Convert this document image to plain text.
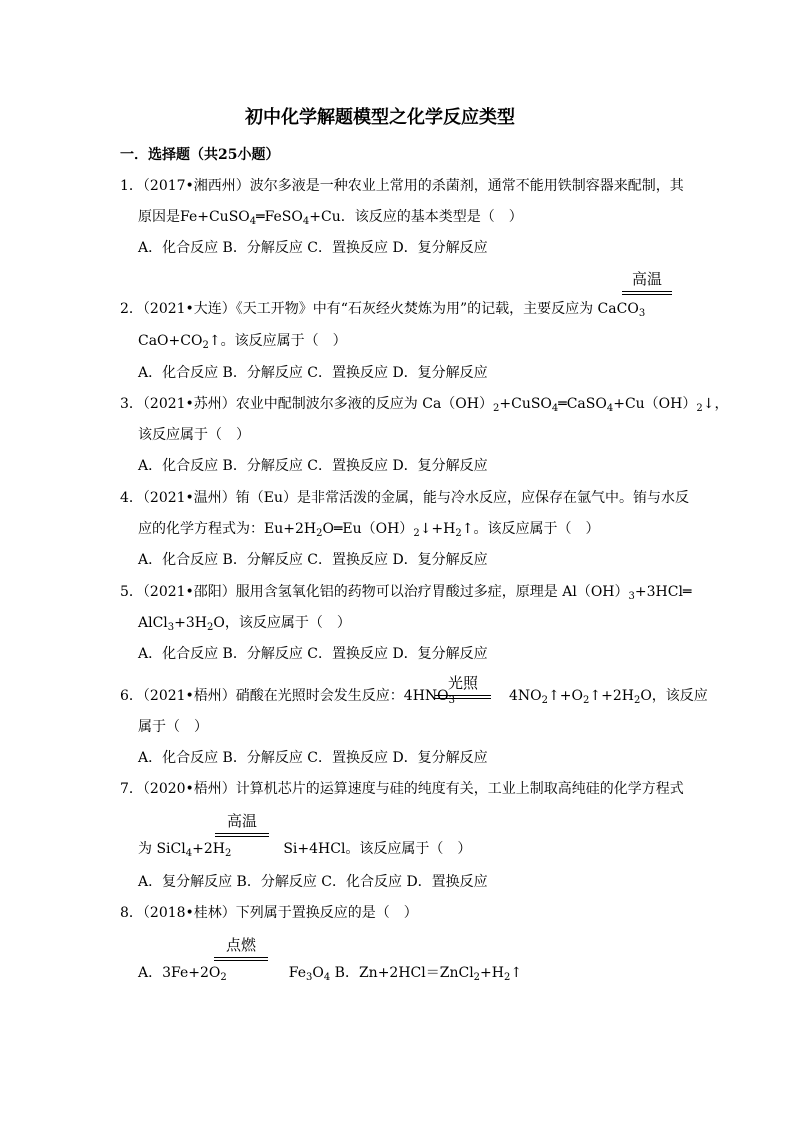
初中化学解题模型之化学反应类型
一．选择题（共25小题）
1．（2017•湘西州）波尔多液是一种农业上常用的杀菌剂，通常不能用铁制容器来配制，其
原因是Fe+CuSO$_4$═FeSO$_4$+Cu．该反应的基本类型是（　）
A．化合反应 B．分解反应 C．置换反应 D．复分解反应
高温
2．（2021•大连）《天工开物》中有“石灰经火焚炼为用”的记载，主要反应为 CaCO$_3$
$CaO+CO_2↑$。该反应属于（　）
A．化合反应 B．分解反应 C．置换反应 D．复分解反应
3．（2021•苏州）农业中配制波尔多液的反应为 $Ca(OH)_2+CuSO_4═CaSO_4+Cu(OH)_2↓$，
该反应属于（　）
A．化合反应 B．分解反应 C．置换反应 D．复分解反应
4．（2021•温州）铕（Eu）是非常活泼的金属，能与冷水反应，应保存在氩气中。铕与水反
应的化学方程式为：$Eu+2H_2O═Eu(OH)_2↓+H_2↑$。该反应属于（　）
A．化合反应 B．分解反应 C．置换反应 D．复分解反应
5．（2021•邵阳）服用含氢氧化铝的药物可以治疗胃酸过多症，原理是 $Al(OH)_3+3HCl═$
$AlCl_3+3H_2O$，该反应属于（　）
A．化合反应 B．分解反应 C．置换反应 D．复分解反应
光照
6．（2021•梧州）硝酸在光照时会发生反应：$4HNO_3$	$4NO_2↑+O_2↑+2H_2O$，该反应
属于（　）
A．化合反应 B．分解反应 C．置换反应 D．复分解反应
7．（2020•梧州）计算机芯片的运算速度与硅的纯度有关，工业上制取高纯硅的化学方程式
高温
为 $SiCl_4+2H_2$	Si+4HCl。该反应属于（　）
A．复分解反应 B．分解反应 C．化合反应 D．置换反应
8．（2018•桂林）下列属于置换反应的是（　）
点燃
A．$3Fe+2O_2$	$Fe_3O_4$ B．$Zn+2HCl=ZnCl_2+H_2↑$
